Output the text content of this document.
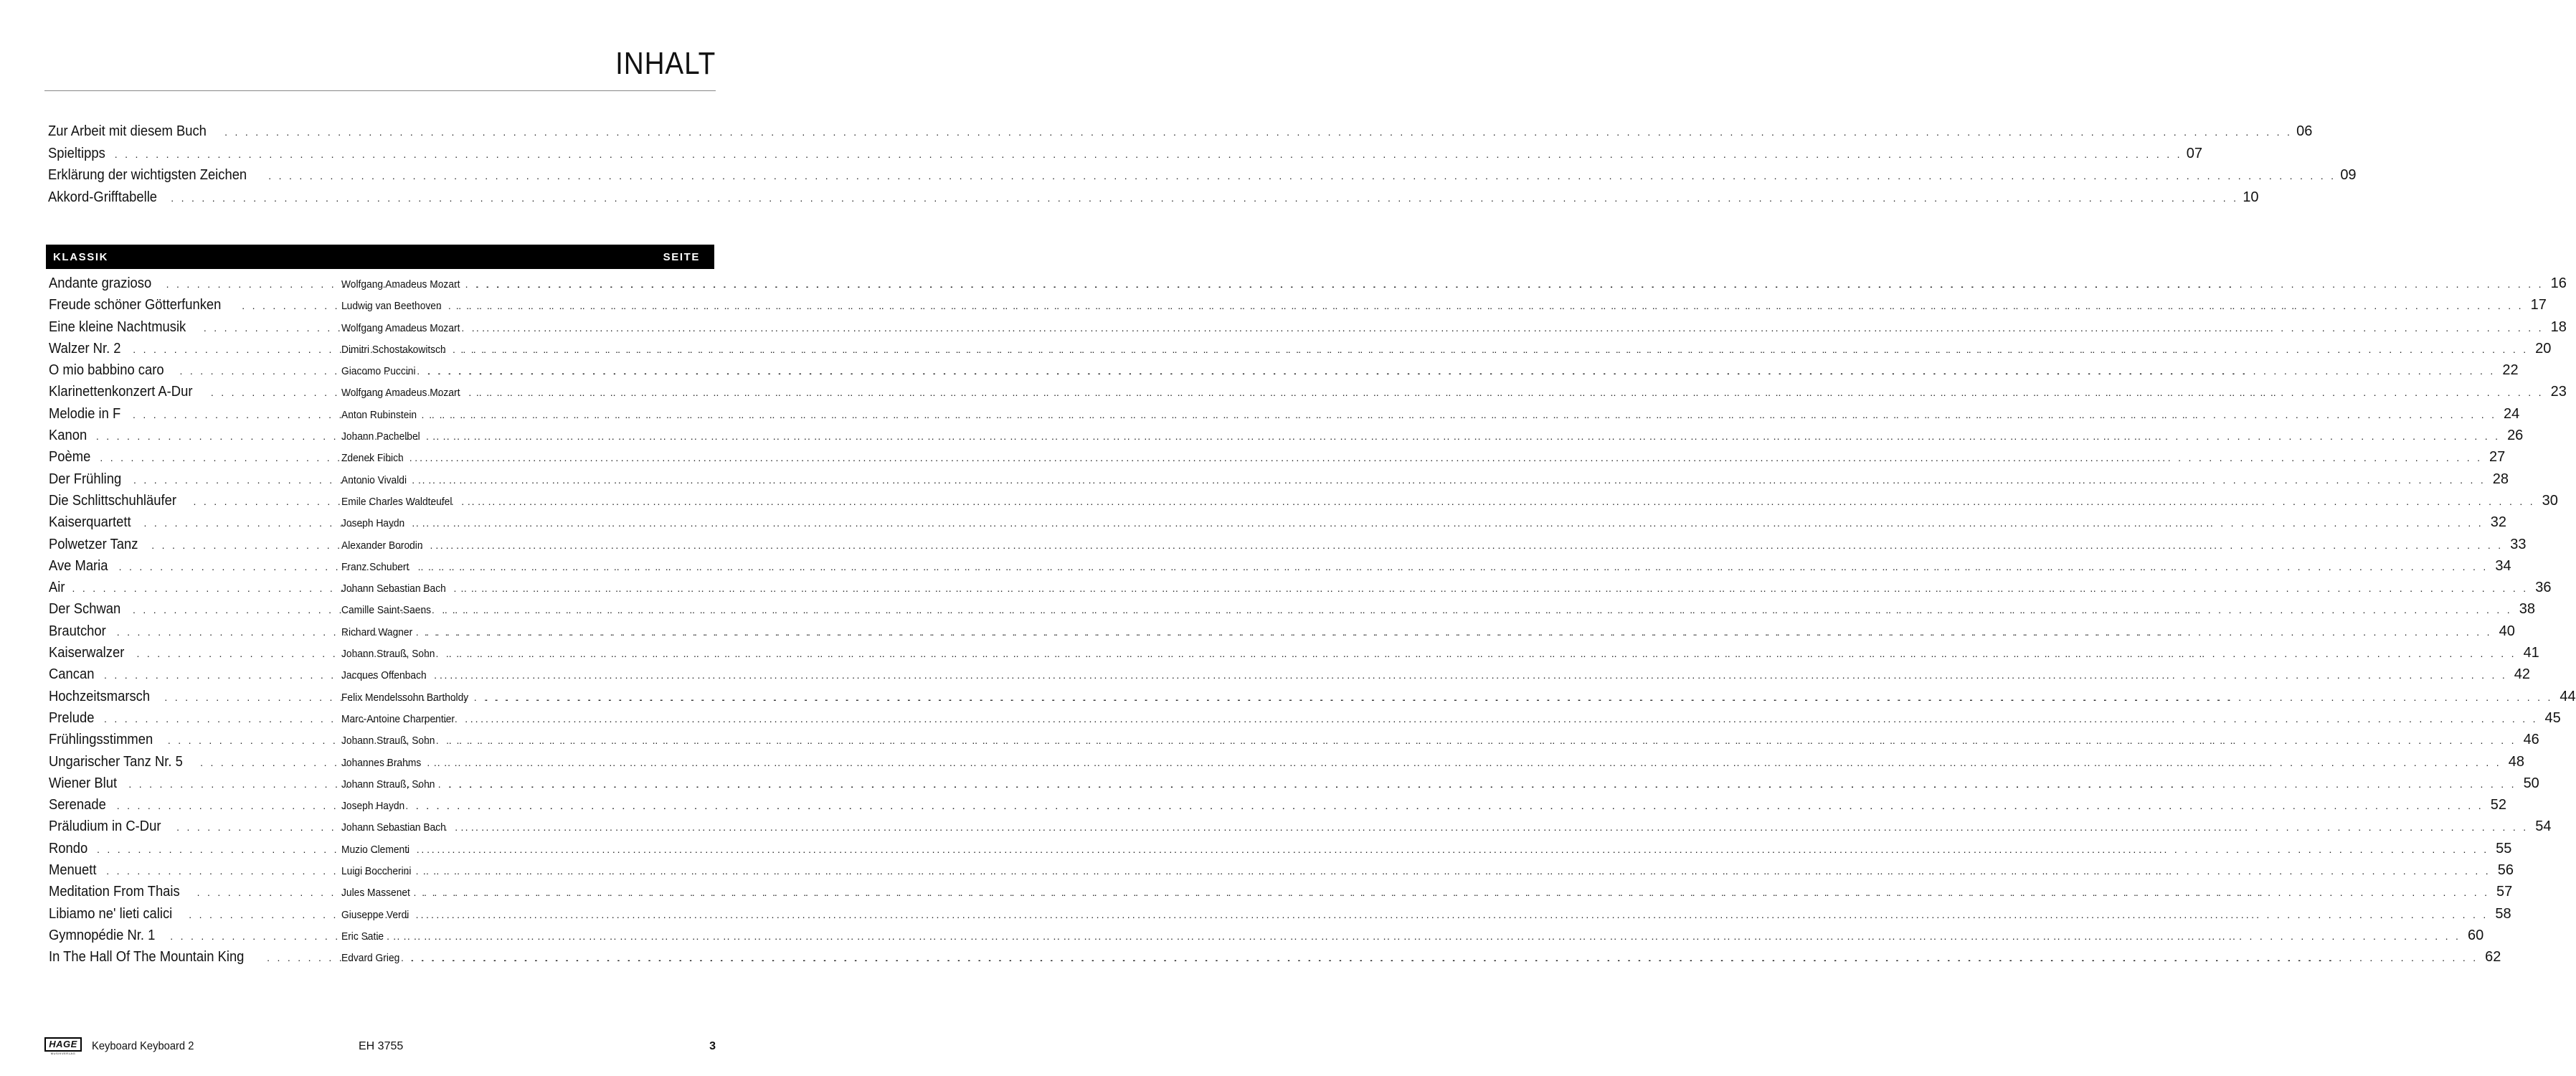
INHALT
Zur Arbeit mit diesem Buch . . .	06
Spieltipps . . .	07
Erklärung der wichtigsten Zeichen . . .	09
Akkord-Grifftabelle . . .	10
KLASSIK	SEITE
Andante grazioso . . .	Wolfgang Amadeus Mozart . . .	16
Freude schöner Götterfunken . . .	Ludwig van Beethoven . . .	17
Eine kleine Nachtmusik . . .	Wolfgang Amadeus Mozart . . .	18
Walzer Nr. 2 . . .	Dimitri Schostakowitsch . . .	20
O mio babbino caro . . .	Giacomo Puccini . . .	22
Klarinettenkonzert A-Dur . . .	Wolfgang Amadeus Mozart . . .	23
Melodie in F . . .	Anton Rubinstein . . .	24
Kanon . . .	Johann Pachelbel . . .	26
Poème . . .	Zdenek Fibich . . .	27
Der Frühling . . .	Antonio Vivaldi . . .	28
Die Schlittschuhläufer . . .	Emile Charles Waldteufel . . .	30
Kaiserquartett . . .	Joseph Haydn . . .	32
Polwetzer Tanz . . .	Alexander Borodin . . .	33
Ave Maria . . .	Franz Schubert . . .	34
Air . . .	Johann Sebastian Bach . . .	36
Der Schwan . . .	Camille Saint-Saens . . .	38
Brautchor . . .	Richard Wagner . . .	40
Kaiserwalzer . . .	Johann Strauß, Sohn . . .	41
Cancan . . .	Jacques Offenbach . . .	42
Hochzeitsmarsch . . .	Felix Mendelssohn Bartholdy . . .	44
Prelude . . .	Marc-Antoine Charpentier . . .	45
Frühlingsstimmen . . .	Johann Strauß, Sohn . . .	46
Ungarischer Tanz Nr. 5 . . .	Johannes Brahms . . .	48
Wiener Blut . . .	Johann Strauß, Sohn . . .	50
Serenade . . .	Joseph Haydn . . .	52
Präludium in C-Dur . . .	Johann Sebastian Bach . . .	54
Rondo . . .	Muzio Clementi . . .	55
Menuett . . .	Luigi Boccherini . . .	56
Meditation From Thais . . .	Jules Massenet . . .	57
Libiamo ne' lieti calici . . .	Giuseppe Verdi . . .	58
Gymnopédie Nr. 1 . . .	Eric Satie . . .	60
In The Hall Of The Mountain King . . .	Edvard Grieg . . .	62
HAGE
MUSIKVERLAG
Keyboard Keyboard 2	EH 3755	3
